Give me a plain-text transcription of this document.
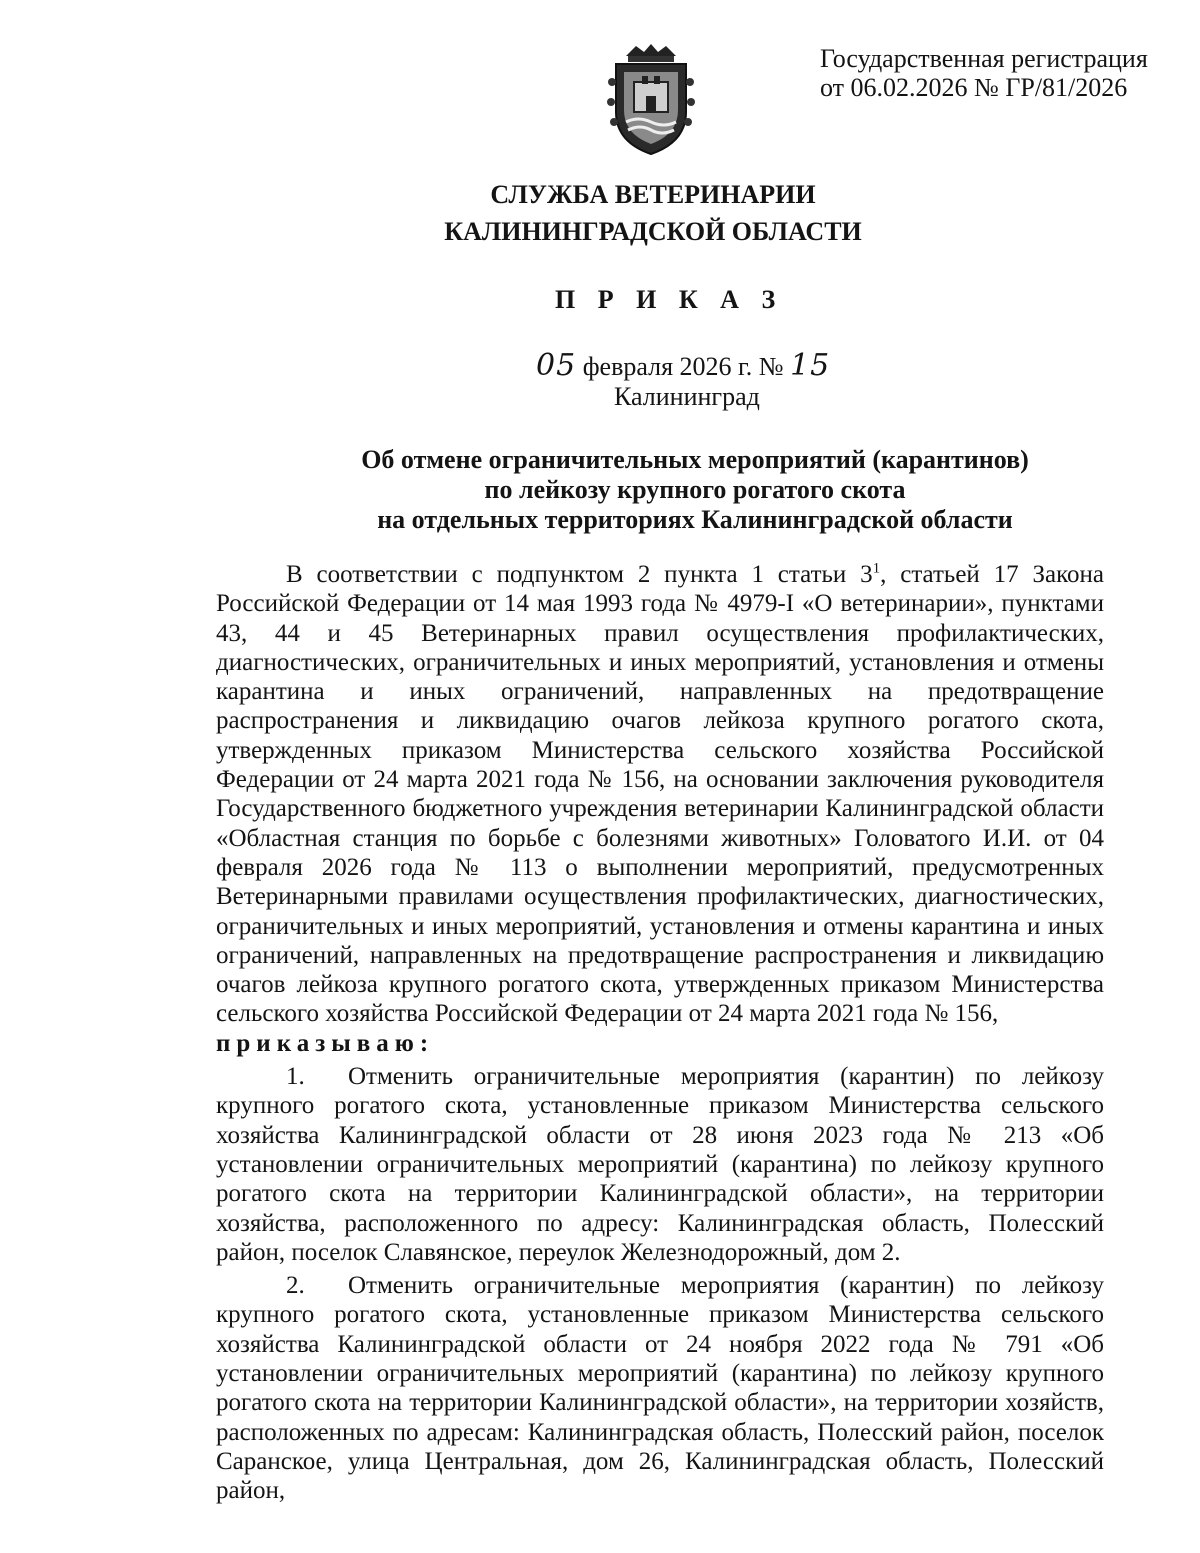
Государственная регистрация
от 06.02.2026 № ГР/81/2026
СЛУЖБА ВЕТЕРИНАРИИ
КАЛИНИНГРАДСКОЙ ОБЛАСТИ
П Р И К А З
05 февраля 2026 г. № 15
Калининград
Об отмене ограничительных мероприятий (карантинов)
по лейкозу крупного рогатого скота
на отдельных территориях Калининградской области

В соответствии с подпунктом 2 пункта 1 статьи $3^1$, статьей 17 Закона Российской Федерации от 14 мая 1993 года № 4979-I «О ветеринарии», пунктами 43, 44 и 45 Ветеринарных правил осуществления профилактических, диагностических, ограничительных и иных мероприятий, установления и отмены карантина и иных ограничений, направленных на предотвращение распространения и ликвидацию очагов лейкоза крупного рогатого скота, утвержденных приказом Министерства сельского хозяйства Российской Федерации от 24 марта 2021 года № 156, на основании заключения руководителя Государственного бюджетного учреждения ветеринарии Калининградской области «Областная станция по борьбе с болезнями животных» Головатого И.И. от 04 февраля 2026 года № 113 о выполнении мероприятий, предусмотренных Ветеринарными правилами осуществления профилактических, диагностических, ограничительных и иных мероприятий, установления и отмены карантина и иных ограничений, направленных на предотвращение распространения и ликвидацию очагов лейкоза крупного рогатого скота, утвержденных приказом Министерства сельского хозяйства Российской Федерации от 24 марта 2021 года № 156,

приказываю:

1. Отменить ограничительные мероприятия (карантин) по лейкозу крупного рогатого скота, установленные приказом Министерства сельского хозяйства Калининградской области от 28 июня 2023 года № 213 «Об установлении ограничительных мероприятий (карантина) по лейкозу крупного рогатого скота на территории Калининградской области», на территории хозяйства, расположенного по адресу: Калининградская область, Полесский район, поселок Славянское, переулок Железнодорожный, дом 2.

2. Отменить ограничительные мероприятия (карантин) по лейкозу крупного рогатого скота, установленные приказом Министерства сельского хозяйства Калининградской области от 24 ноября 2022 года № 791 «Об установлении ограничительных мероприятий (карантина) по лейкозу крупного рогатого скота на территории Калининградской области», на территории хозяйств, расположенных по адресам: Калининградская область, Полесский район, поселок Саранское, улица Центральная, дом 26, Калининградская область, Полесский район,
